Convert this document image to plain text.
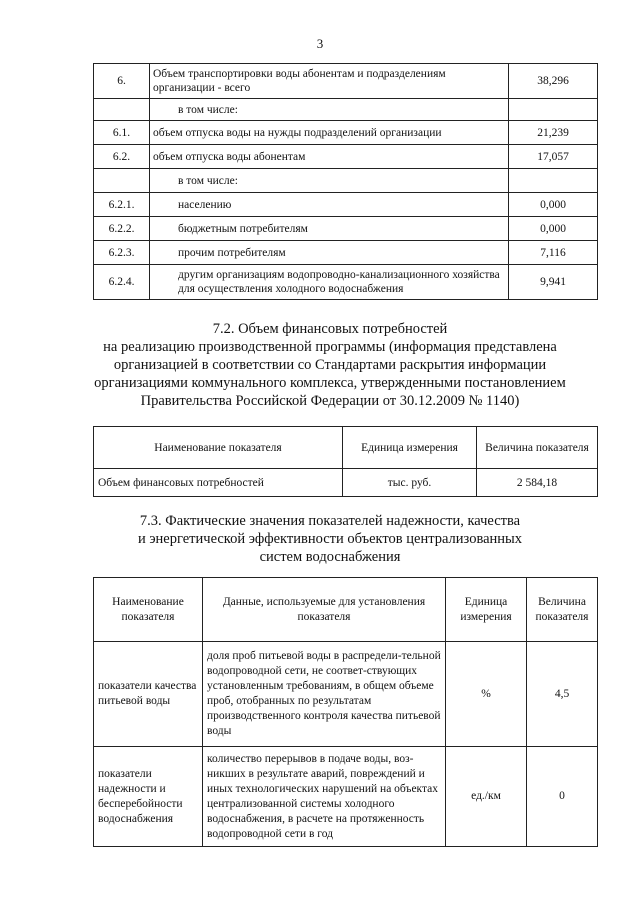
3
6.	Объем транспортировки воды абонентам и подразделениям организации - всего	38,296
	в том числе:	
6.1.	объем отпуска воды на нужды подразделений организации	21,239
6.2.	объем отпуска воды абонентам	17,057
	в том числе:	
6.2.1.	населению	0,000
6.2.2.	бюджетным потребителям	0,000
6.2.3.	прочим потребителям	7,116
6.2.4.	другим организациям водопроводно-канализационного хозяйства для осуществления холодного водоснабжения	9,941
7.2. Объем финансовых потребностей
на реализацию производственной программы (информация представлена
организацией в соответствии со Стандартами раскрытия информации
организациями коммунального комплекса, утвержденными постановлением
Правительства Российской Федерации от 30.12.2009 № 1140)
Наименование показателя	Единица измерения	Величина показателя
Объем финансовых потребностей	тыс. руб.	2 584,18
7.3. Фактические значения показателей надежности, качества
и энергетической эффективности объектов централизованных
систем водоснабжения
Наименование показателя	Данные, используемые для установления показателя	Единица измерения	Величина показателя
показатели качества питьевой воды	доля проб питьевой воды в распредели-тельной водопроводной сети, не соответ-ствующих установленным требованиям, в общем объеме проб, отобранных по результатам производственного контроля качества питьевой воды	%	4,5
показатели надежности и бесперебойности водоснабжения	количество перерывов в подаче воды, воз-никших в результате аварий, повреждений и иных технологических нарушений на объектах централизованной системы холодного водоснабжения, в расчете на протяженность водопроводной сети в год	ед./км	0
